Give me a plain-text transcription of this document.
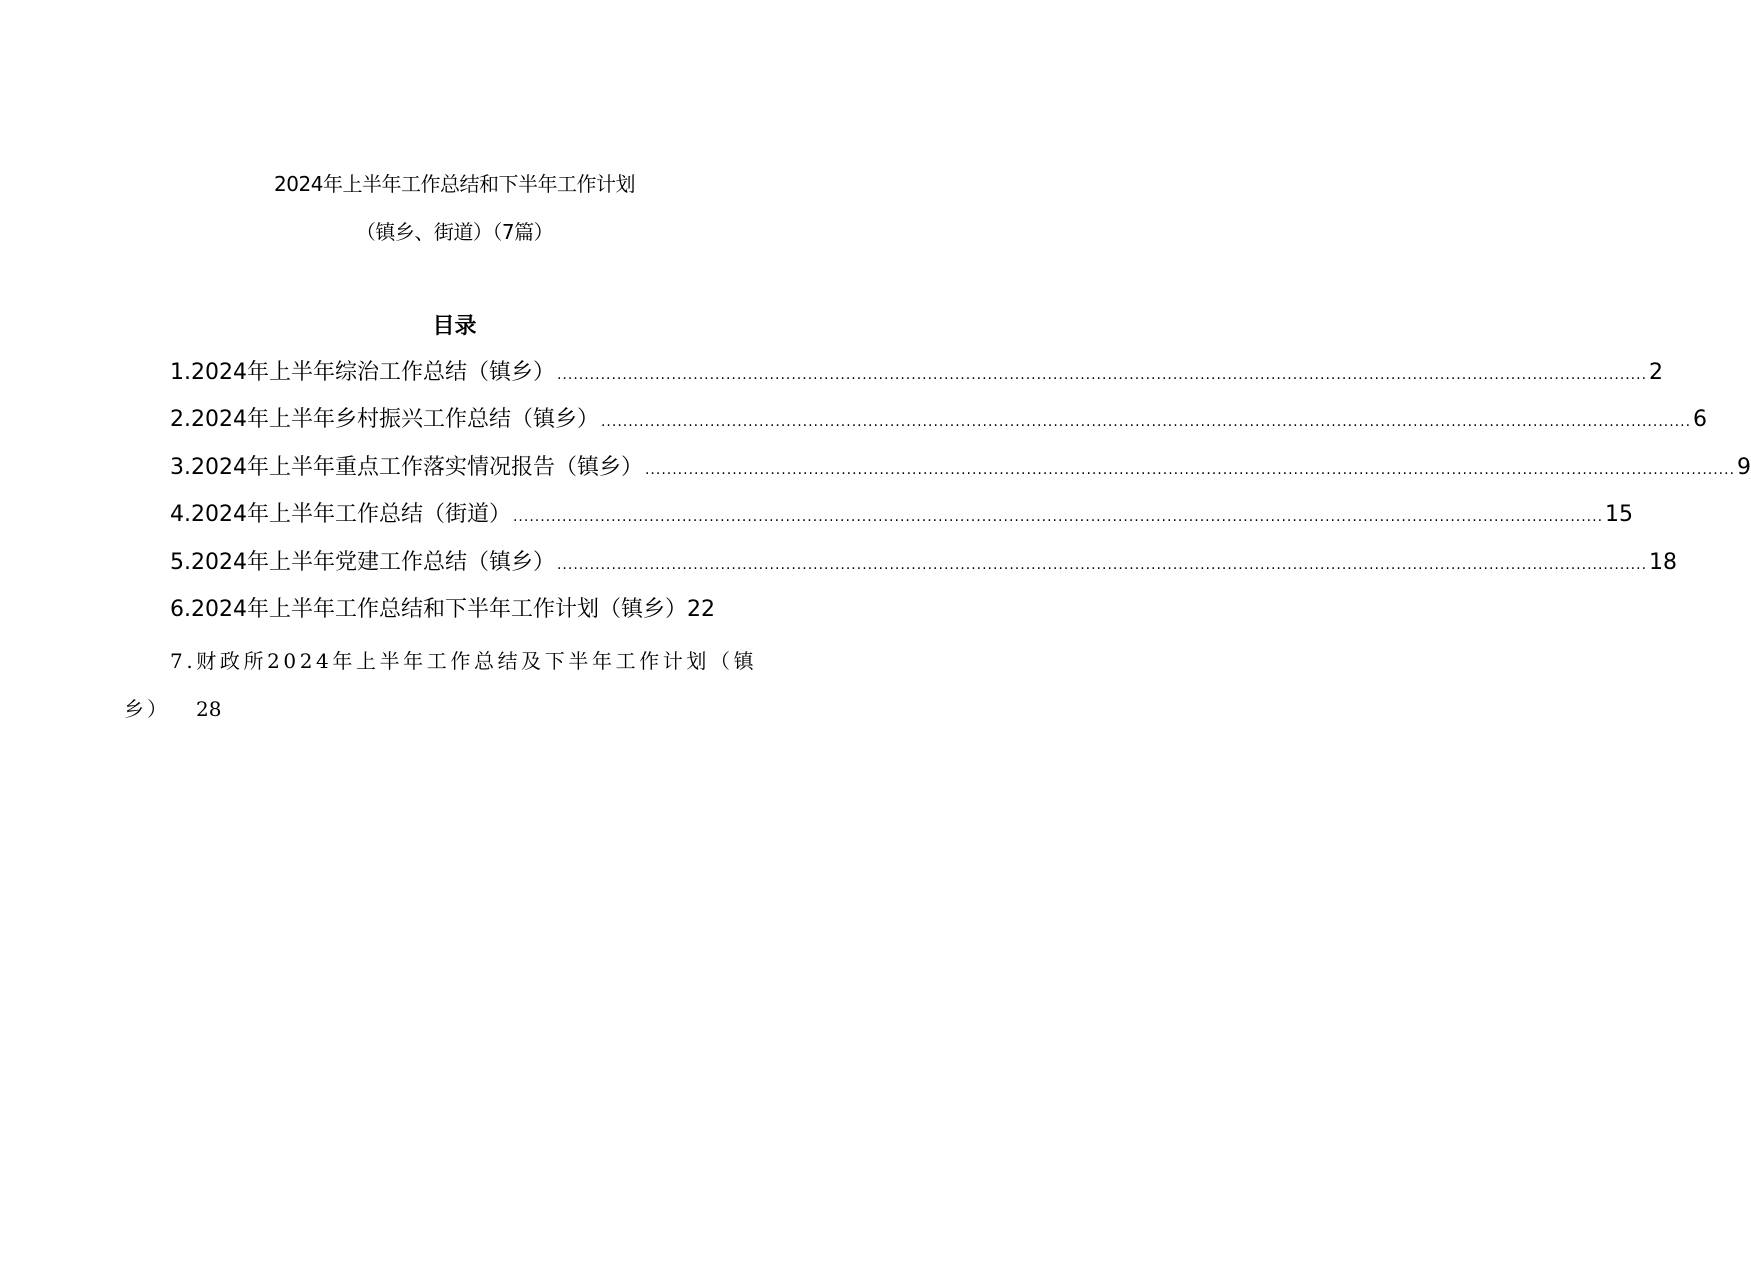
2024年上半年工作总结和下半年工作计划
（镇乡、街道）（7篇）
目录
1.2024年上半年综治工作总结（镇乡） ........................................................................................................................................................................................................ 2
2.2024年上半年乡村振兴工作总结（镇乡） ........................................................................................................................................................................................................ 6
3.2024年上半年重点工作落实情况报告（镇乡） ........................................................................................................................................................................................................ 9
4.2024年上半年工作总结（街道） ........................................................................................................................................................................................................ 15
5.2024年上半年党建工作总结（镇乡） ........................................................................................................................................................................................................ 18
6.2024年上半年工作总结和下半年工作计划（镇乡） 22
7.财政所2024年上半年工作总结及下半年工作计划（镇
乡） 28
